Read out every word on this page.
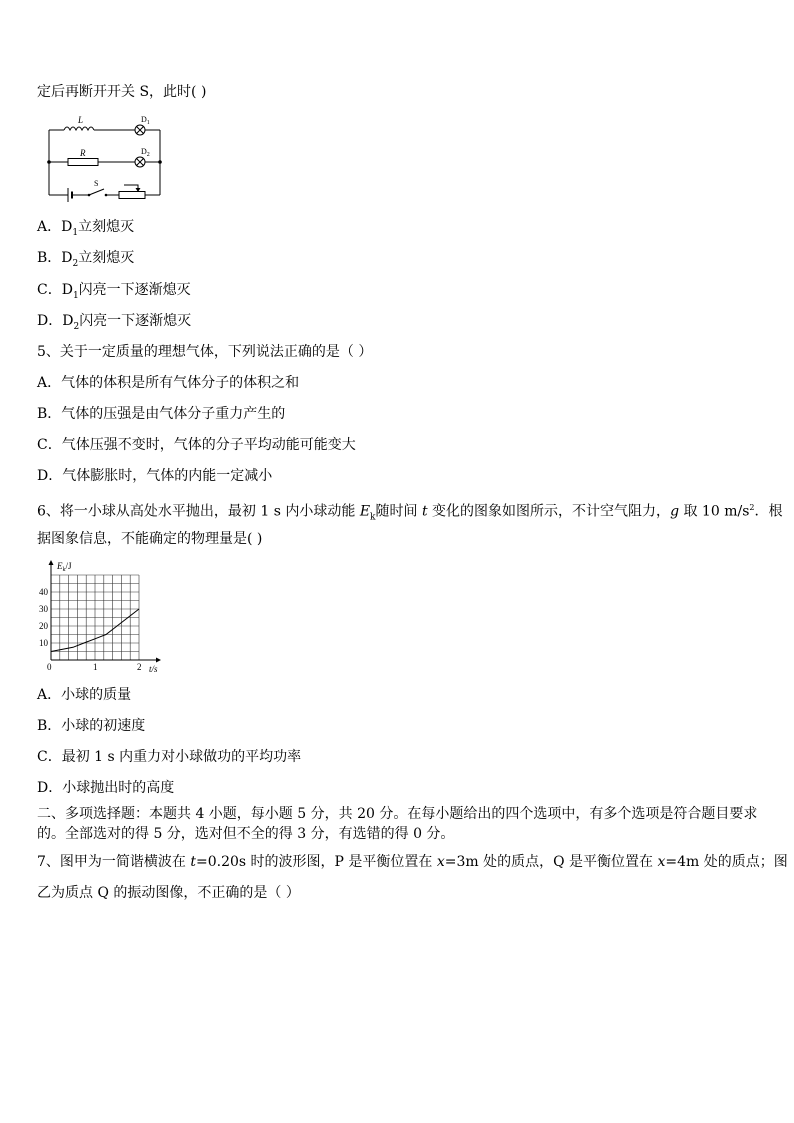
定后再断开开关 S，此时( )
L
R
S
$D_1$
$D_2$
A．$D_1$立刻熄灭
B．$D_2$立刻熄灭
C．$D_1$闪亮一下逐渐熄灭
D．$D_2$闪亮一下逐渐熄灭
5、关于一定质量的理想气体，下列说法正确的是（ ）
A．气体的体积是所有气体分子的体积之和
B．气体的压强是由气体分子重力产生的
C．气体压强不变时，气体的分子平均动能可能变大
D．气体膨胀时，气体的内能一定减小
6、将一小球从高处水平抛出，最初 1 s 内小球动能 $E_k$随时间 t 变化的图象如图所示，不计空气阻力，g 取 10 $m/s^2$．根
据图象信息，不能确定的物理量是( )
0	1	2
10
20
30
40
$E_k/J$
t/s
A．小球的质量
B．小球的初速度
C．最初 1 s 内重力对小球做功的平均功率
D．小球抛出时的高度
二、多项选择题：本题共 4 小题，每小题 5 分，共 20 分。在每小题给出的四个选项中，有多个选项是符合题目要求的。全部选对的得 5 分，选对但不全的得 3 分，有选错的得 0 分。
7、图甲为一简谐横波在 t=0.20s 时的波形图，P 是平衡位置在 x=3m 处的质点，Q 是平衡位置在 x=4m 处的质点；图
乙为质点 Q 的振动图像，不正确的是（ ）
